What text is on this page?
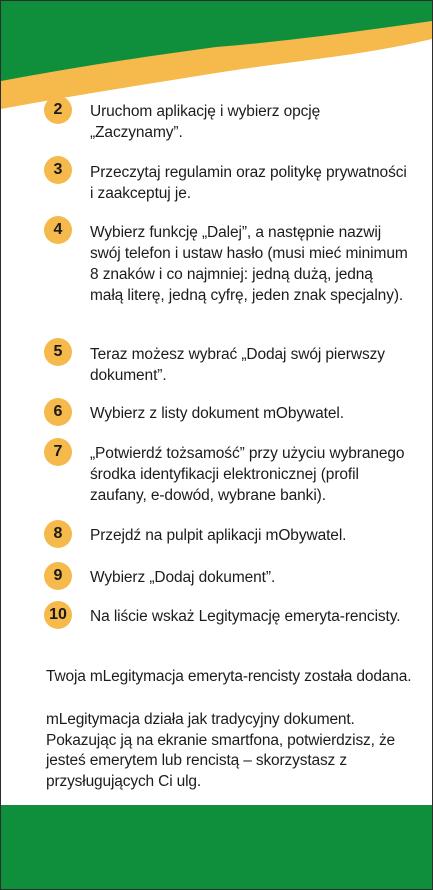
2	Uruchom aplikację i wybierz opcję „Zaczynamy”.
3	Przeczytaj regulamin oraz politykę prywatności i zaakceptuj je.
4	Wybierz funkcję „Dalej”, a następnie nazwij swój telefon i ustaw hasło (musi mieć minimum 8 znaków i co najmniej: jedną dużą, jedną małą literę, jedną cyfrę, jeden znak specjalny).
5	Teraz możesz wybrać „Dodaj swój pierwszy dokument”.
6	Wybierz z listy dokument mObywatel.
7	„Potwierdź tożsamość” przy użyciu wybranego środka identyfikacji elektronicznej (profil zaufany, e-dowód, wybrane banki).
8	Przejdź na pulpit aplikacji mObywatel.
9	Wybierz „Dodaj dokument”.
10	Na liście wskaż Legitymację emeryta-rencisty.
Twoja mLegitymacja emeryta-rencisty została dodana.
mLegitymacja działa jak tradycyjny dokument. Pokazując ją na ekranie smartfona, potwierdzisz, że jesteś emerytem lub rencistą – skorzystasz z przysługujących Ci ulg.
